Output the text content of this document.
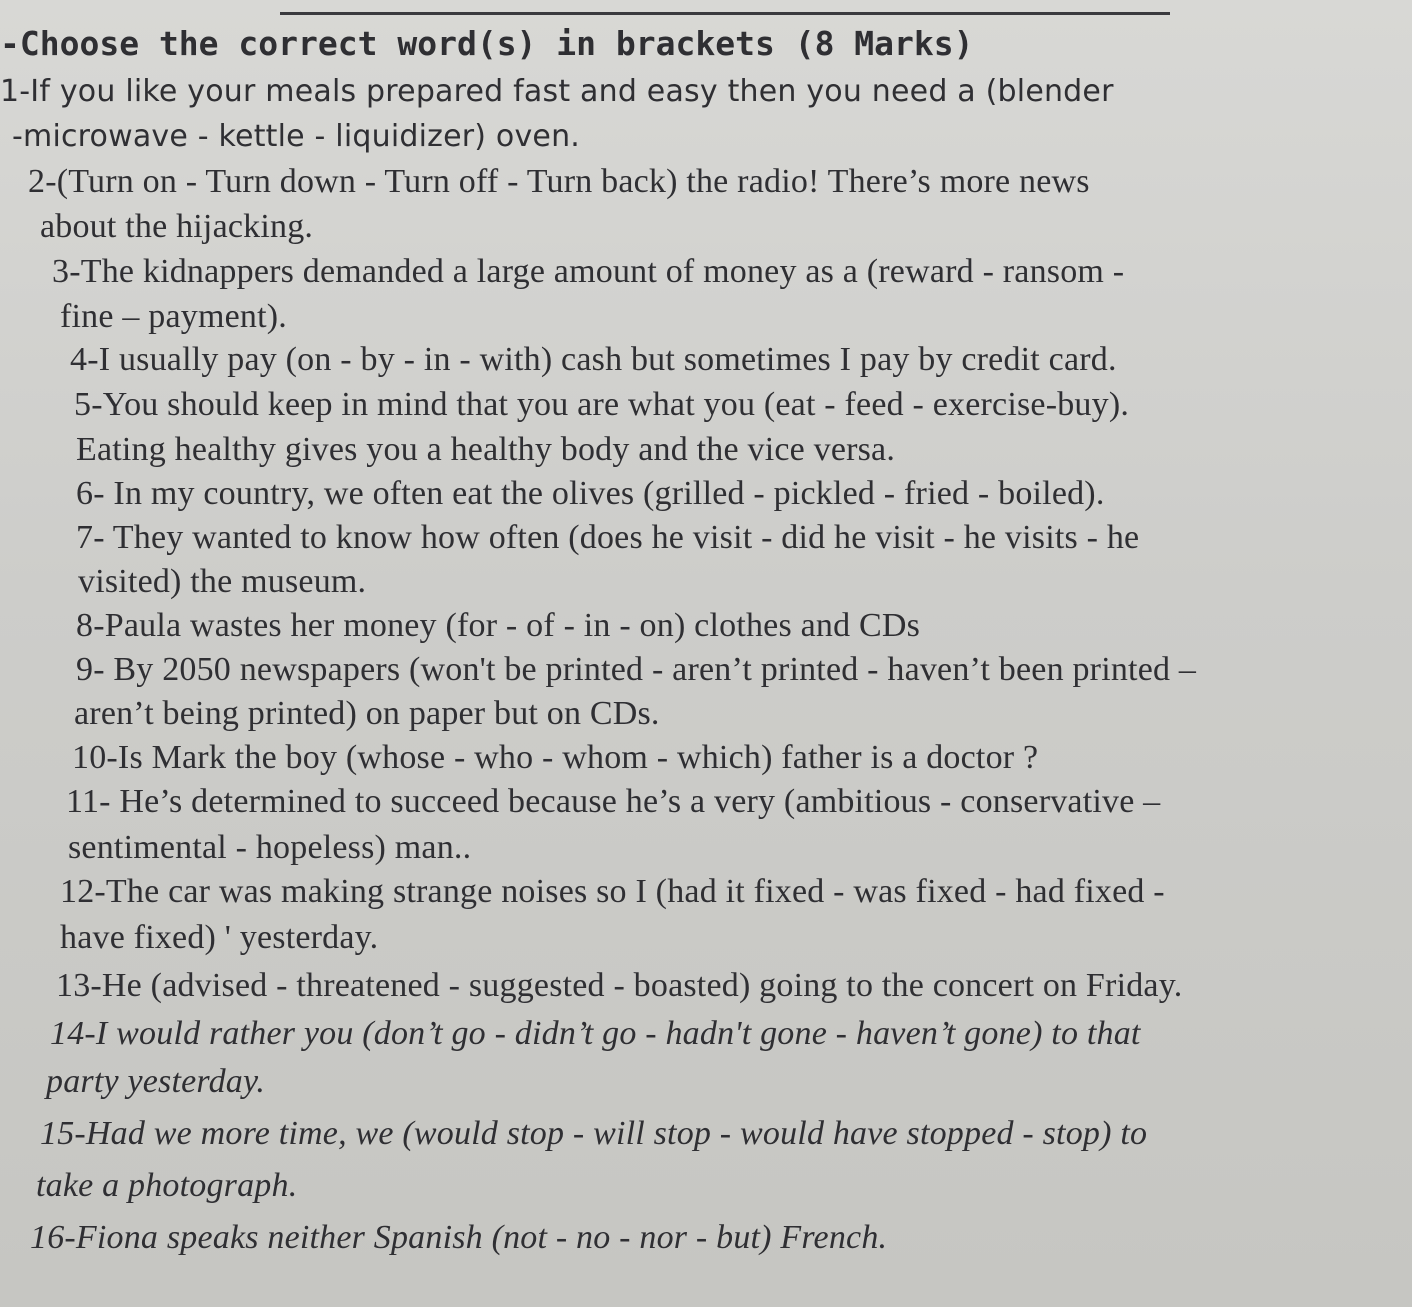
-Choose the correct word(s) in brackets (8 Marks)
1-If you like your meals prepared fast and easy then you need a (blender
-microwave - kettle - liquidizer) oven.
2-(Turn on - Turn down - Turn off - Turn back) the radio! There’s more news
about the hijacking.
3-The kidnappers demanded a large amount of money as a (reward - ransom -
fine – payment).
4-I usually pay (on - by - in - with) cash but sometimes I pay by credit card.
5-You should keep in mind that you are what you (eat - feed - exercise-buy).
Eating healthy gives you a healthy body and the vice versa.
6- In my country, we often eat the olives (grilled - pickled - fried - boiled).
7- They wanted to know how often (does he visit - did he visit - he visits - he
visited) the museum.
8-Paula wastes her money (for - of - in - on) clothes and CDs
9- By 2050 newspapers (won't be printed - aren’t printed - haven’t been printed –
aren’t being printed) on paper but on CDs.
10-Is Mark the boy (whose - who - whom - which) father is a doctor ?
11- He’s determined to succeed because he’s a very (ambitious - conservative –
sentimental - hopeless) man..
12-The car was making strange noises so I (had it fixed - was fixed - had fixed -
have fixed) ' yesterday.
13-He (advised - threatened - suggested - boasted) going to the concert on Friday.
14-I would rather you (don’t go - didn’t go - hadn't gone - haven’t gone) to that
party yesterday.
15-Had we more time, we (would stop - will stop - would have stopped - stop) to
take a photograph.
16-Fiona speaks neither Spanish (not - no - nor - but) French.
